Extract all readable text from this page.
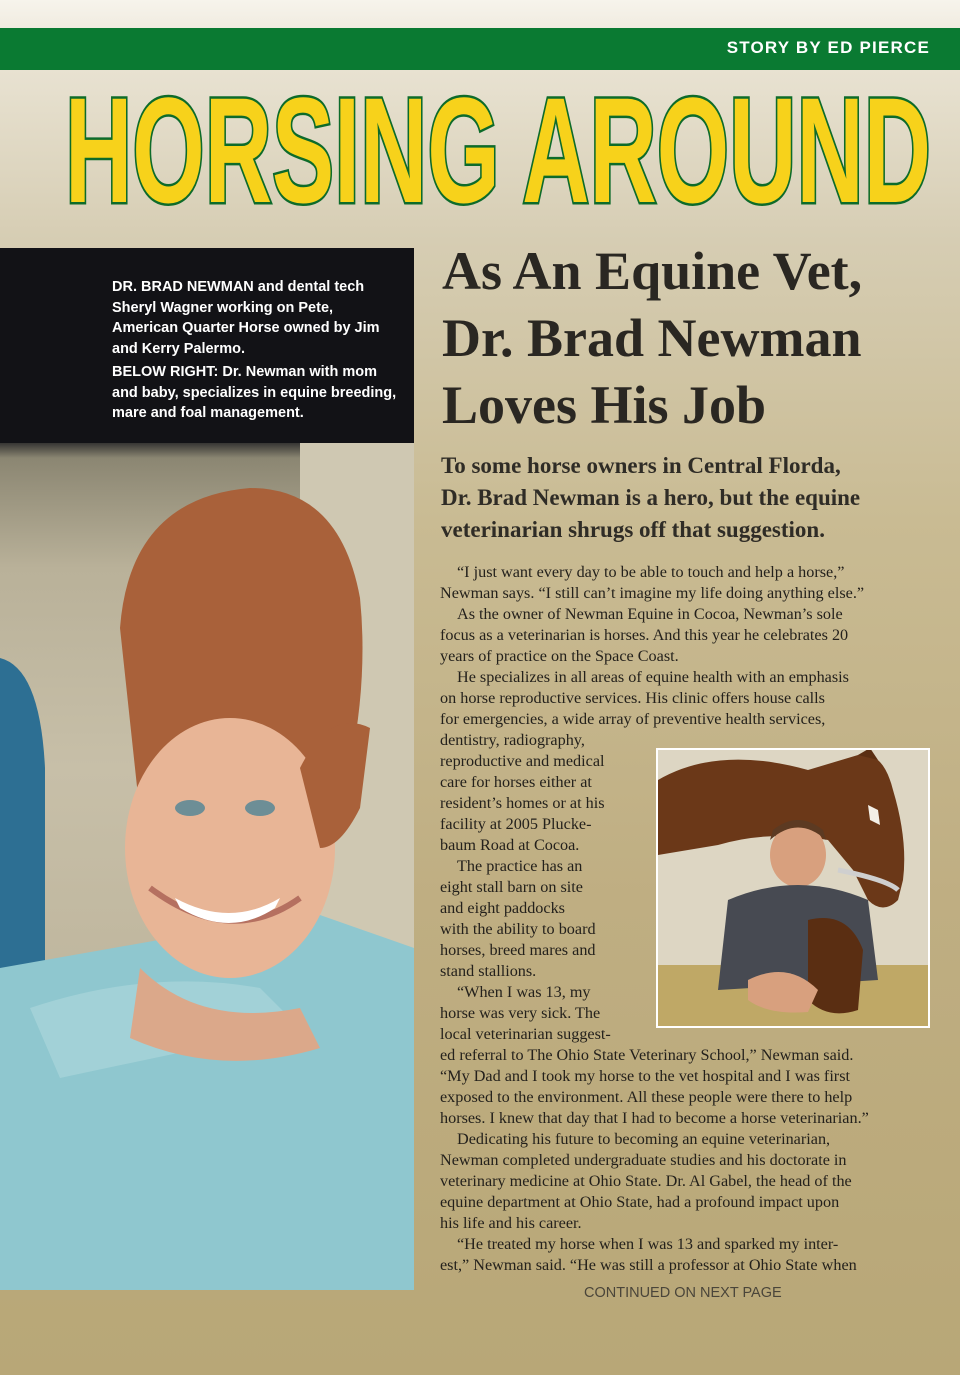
STORY BY ED PIERCE
HORSING AROUND

DR. BRAD NEWMAN and dental tech Sheryl Wagner working on Pete, American Quarter Horse owned by Jim and Kerry Palermo.

BELOW RIGHT: Dr. Newman with mom and baby, specializes in equine breeding, mare and foal management.

As An Equine Vet,
Dr. Brad Newman
Loves His Job
To some horse owners in Central Florda,
Dr. Brad Newman is a hero, but the equine
veterinarian shrugs off that suggestion.
“I just want every day to be able to touch and help a horse,”
Newman says. “I still can’t imagine my life doing anything else.”
As the owner of Newman Equine in Cocoa, Newman’s sole
focus as a veterinarian is horses. And this year he celebrates 20
years of practice on the Space Coast.
He specializes in all areas of equine health with an emphasis
on horse reproductive services. His clinic offers house calls
for emergencies, a wide array of preventive health services,
dentistry, radiography,
reproductive and medical
care for horses either at
resident’s homes or at his
facility at 2005 Plucke-
baum Road at Cocoa.
The practice has an
eight stall barn on site
and eight paddocks
with the ability to board
horses, breed mares and
stand stallions.
“When I was 13, my
horse was very sick. The
local veterinarian suggest-
ed referral to The Ohio State Veterinary School,” Newman said.
“My Dad and I took my horse to the vet hospital and I was first
exposed to the environment. All these people were there to help
horses. I knew that day that I had to become a horse veterinarian.”
Dedicating his future to becoming an equine veterinarian,
Newman completed undergraduate studies and his doctorate in
veterinary medicine at Ohio State. Dr. Al Gabel, the head of the
equine department at Ohio State, had a profound impact upon
his life and his career.
“He treated my horse when I was 13 and sparked my inter-
est,” Newman said. “He was still a professor at Ohio State when
CONTINUED ON NEXT PAGE
